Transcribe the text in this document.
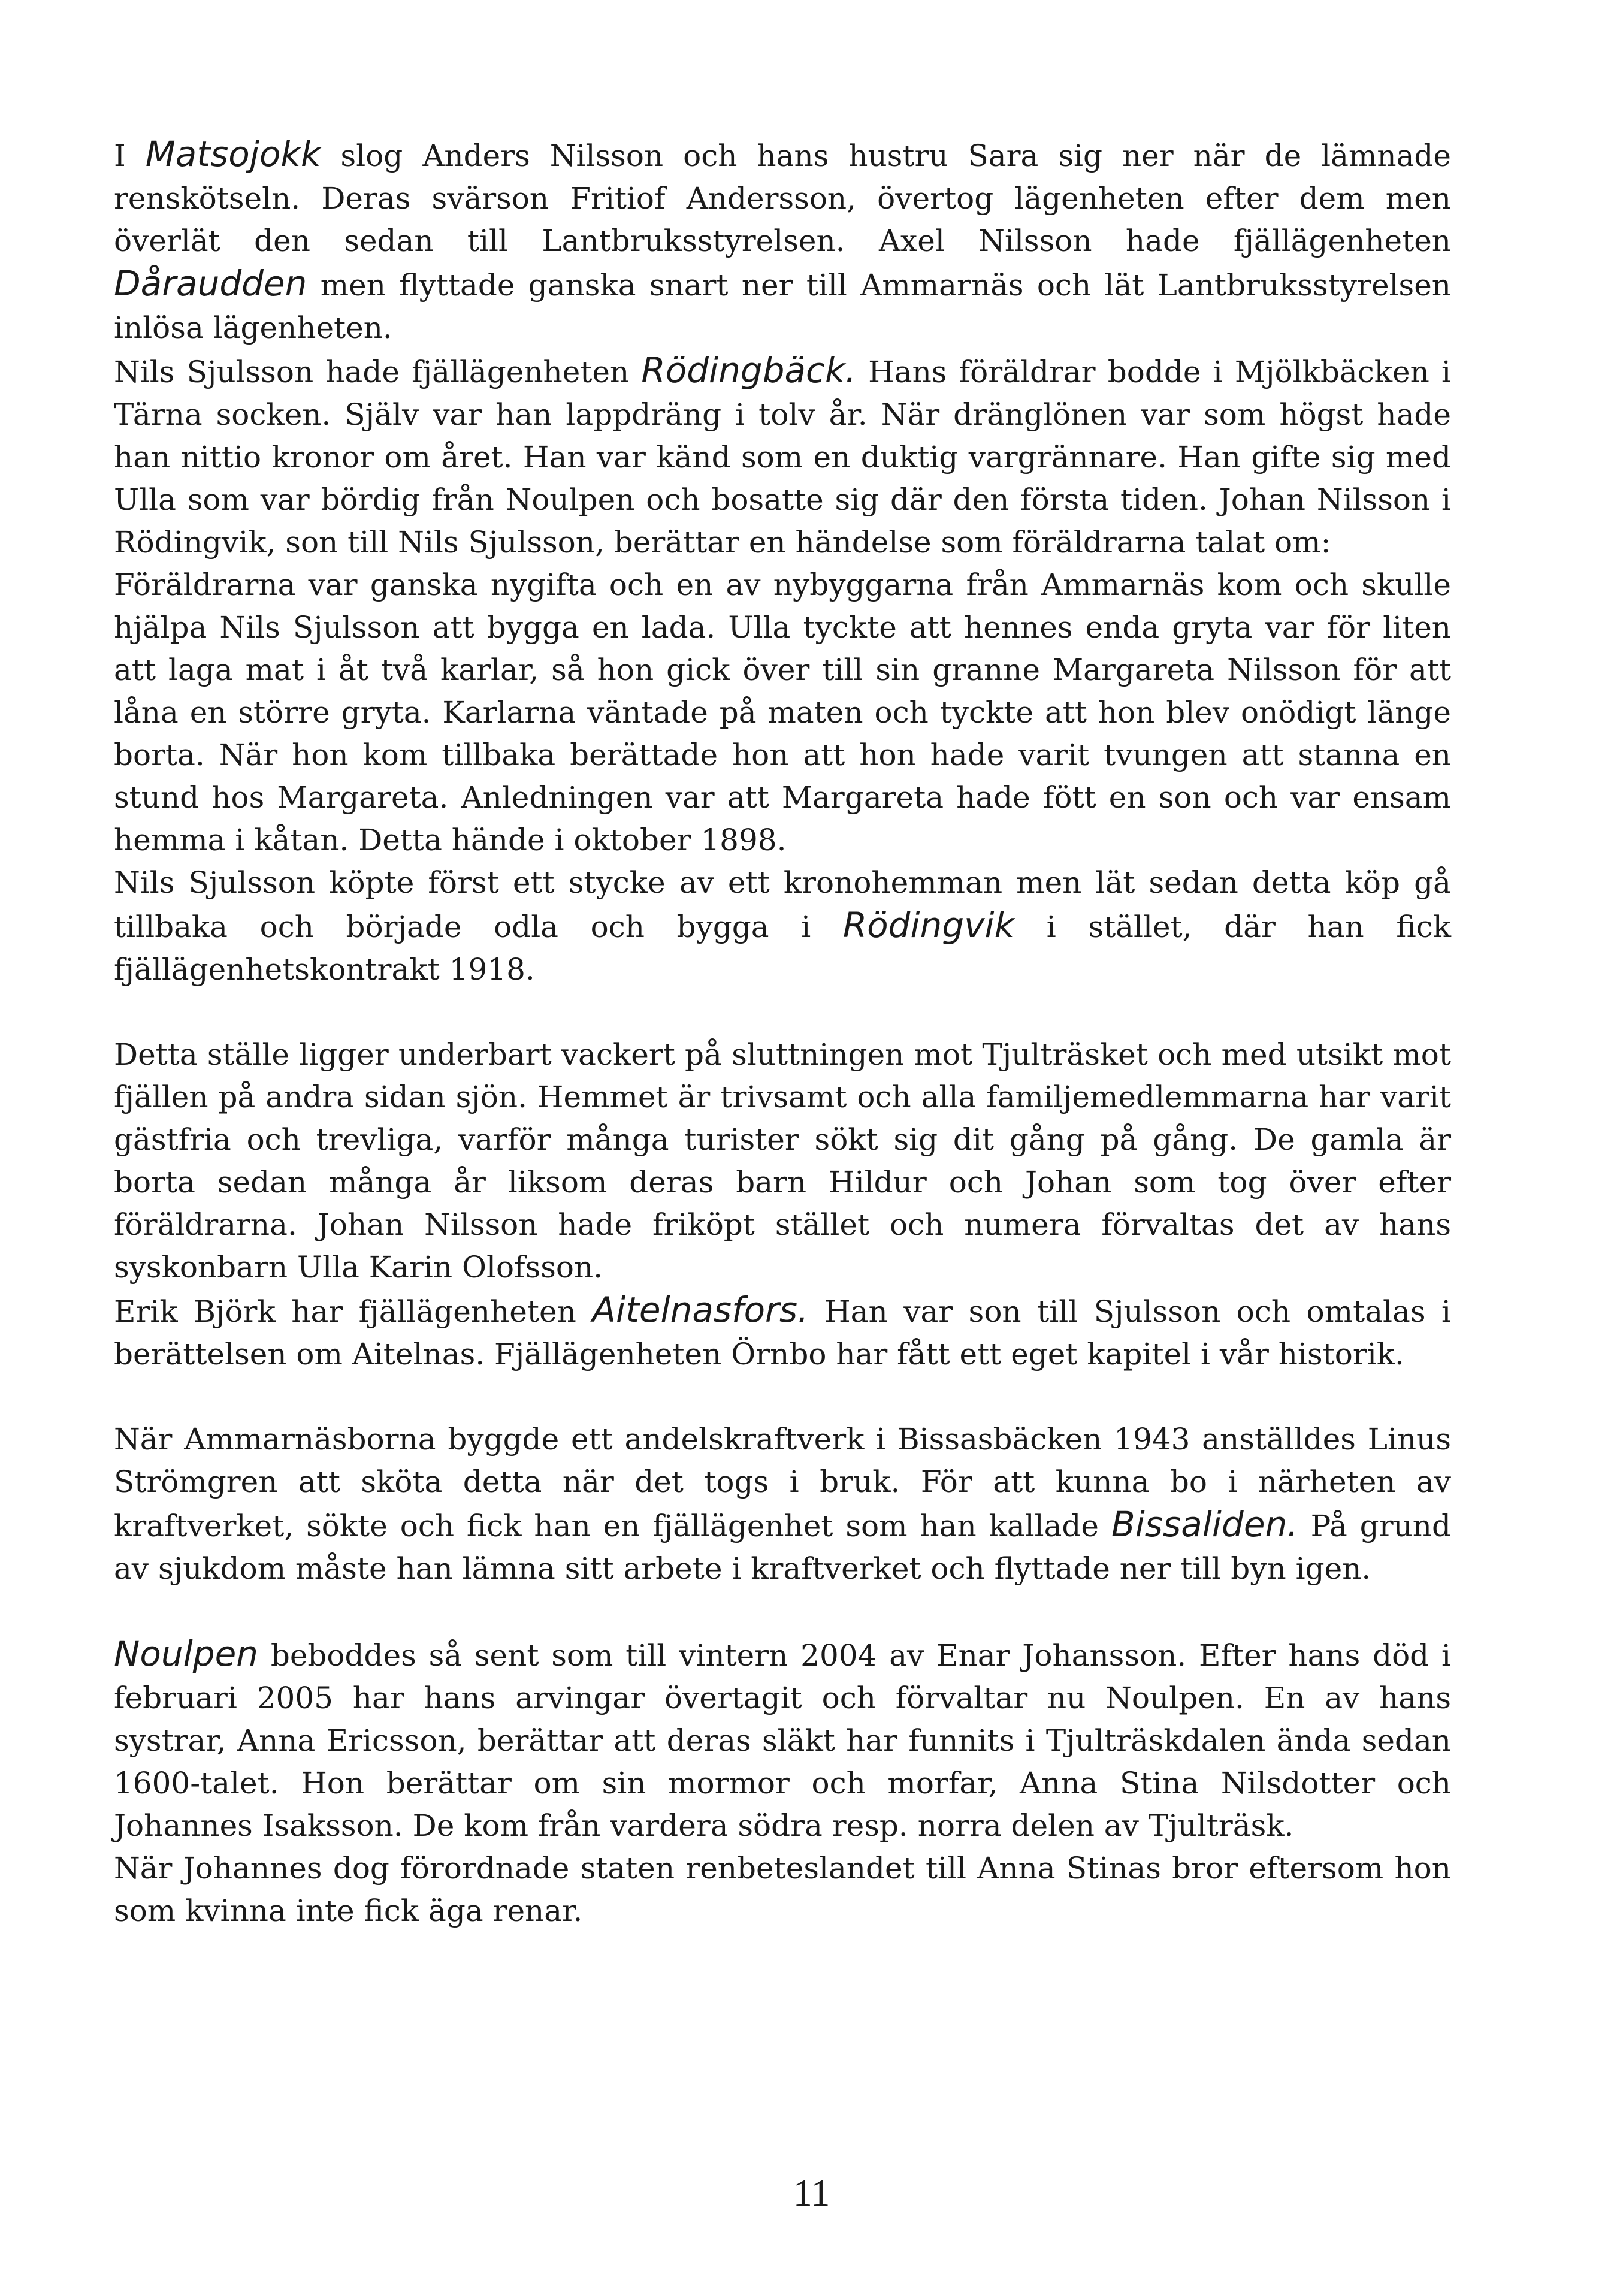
I Matsojokk slog Anders Nilsson och hans hustru Sara sig ner när de lämnade renskötseln. Deras svärson Fritiof Andersson, övertog lägenheten efter dem men överlät den sedan till Lantbruksstyrelsen. Axel Nilsson hade fjällägenheten Dåraudden men flyttade ganska snart ner till Ammarnäs och lät Lantbruksstyrelsen inlösa lägenheten.

Nils Sjulsson hade fjällägenheten Rödingbäck. Hans föräldrar bodde i Mjölkbäcken i Tärna socken. Själv var han lappdräng i tolv år. När dränglönen var som högst hade han nittio kronor om året. Han var känd som en duktig vargrännare. Han gifte sig med Ulla som var bördig från Noulpen och bosatte sig där den första tiden. Johan Nilsson i Rödingvik, son till Nils Sjulsson, berättar en händelse som föräldrarna talat om:

Föräldrarna var ganska nygifta och en av nybyggarna från Ammarnäs kom och skulle hjälpa Nils Sjulsson att bygga en lada. Ulla tyckte att hennes enda gryta var för liten att laga mat i åt två karlar, så hon gick över till sin granne Margareta Nilsson för att låna en större gryta. Karlarna väntade på maten och tyckte att hon blev onödigt länge borta. När hon kom tillbaka berättade hon att hon hade varit tvungen att stanna en stund hos Margareta. Anledningen var att Margareta hade fött en son och var ensam hemma i kåtan. Detta hände i oktober 1898.

Nils Sjulsson köpte först ett stycke av ett kronohemman men lät sedan detta köp gå tillbaka och började odla och bygga i Rödingvik i stället, där han fick fjällägenhetskontrakt 1918.

Detta ställe ligger underbart vackert på sluttningen mot Tjulträsket och med utsikt mot fjällen på andra sidan sjön. Hemmet är trivsamt och alla familjemedlemmarna har varit gästfria och trevliga, varför många turister sökt sig dit gång på gång. De gamla är borta sedan många år liksom deras barn Hildur och Johan som tog över efter föräldrarna. Johan Nilsson hade friköpt stället och numera förvaltas det av hans syskonbarn Ulla Karin Olofsson.

Erik Björk har fjällägenheten Aitelnasfors. Han var son till Sjulsson och omtalas i berättelsen om Aitelnas. Fjällägenheten Örnbo har fått ett eget kapitel i vår historik.

När Ammarnäsborna byggde ett andelskraftverk i Bissasbäcken 1943 anställdes Linus Strömgren att sköta detta när det togs i bruk. För att kunna bo i närheten av kraftverket, sökte och fick han en fjällägenhet som han kallade Bissaliden. På grund av sjukdom måste han lämna sitt arbete i kraftverket och flyttade ner till byn igen.

Noulpen beboddes så sent som till vintern 2004 av Enar Johansson. Efter hans död i februari 2005 har hans arvingar övertagit och förvaltar nu Noulpen. En av hans systrar, Anna Ericsson, berättar att deras släkt har funnits i Tjulträskdalen ända sedan 1600-talet. Hon berättar om sin mormor och morfar, Anna Stina Nilsdotter och Johannes Isaksson. De kom från vardera södra resp. norra delen av Tjulträsk.

När Johannes dog förordnade staten renbeteslandet till Anna Stinas bror eftersom hon som kvinna inte fick äga renar.

11
